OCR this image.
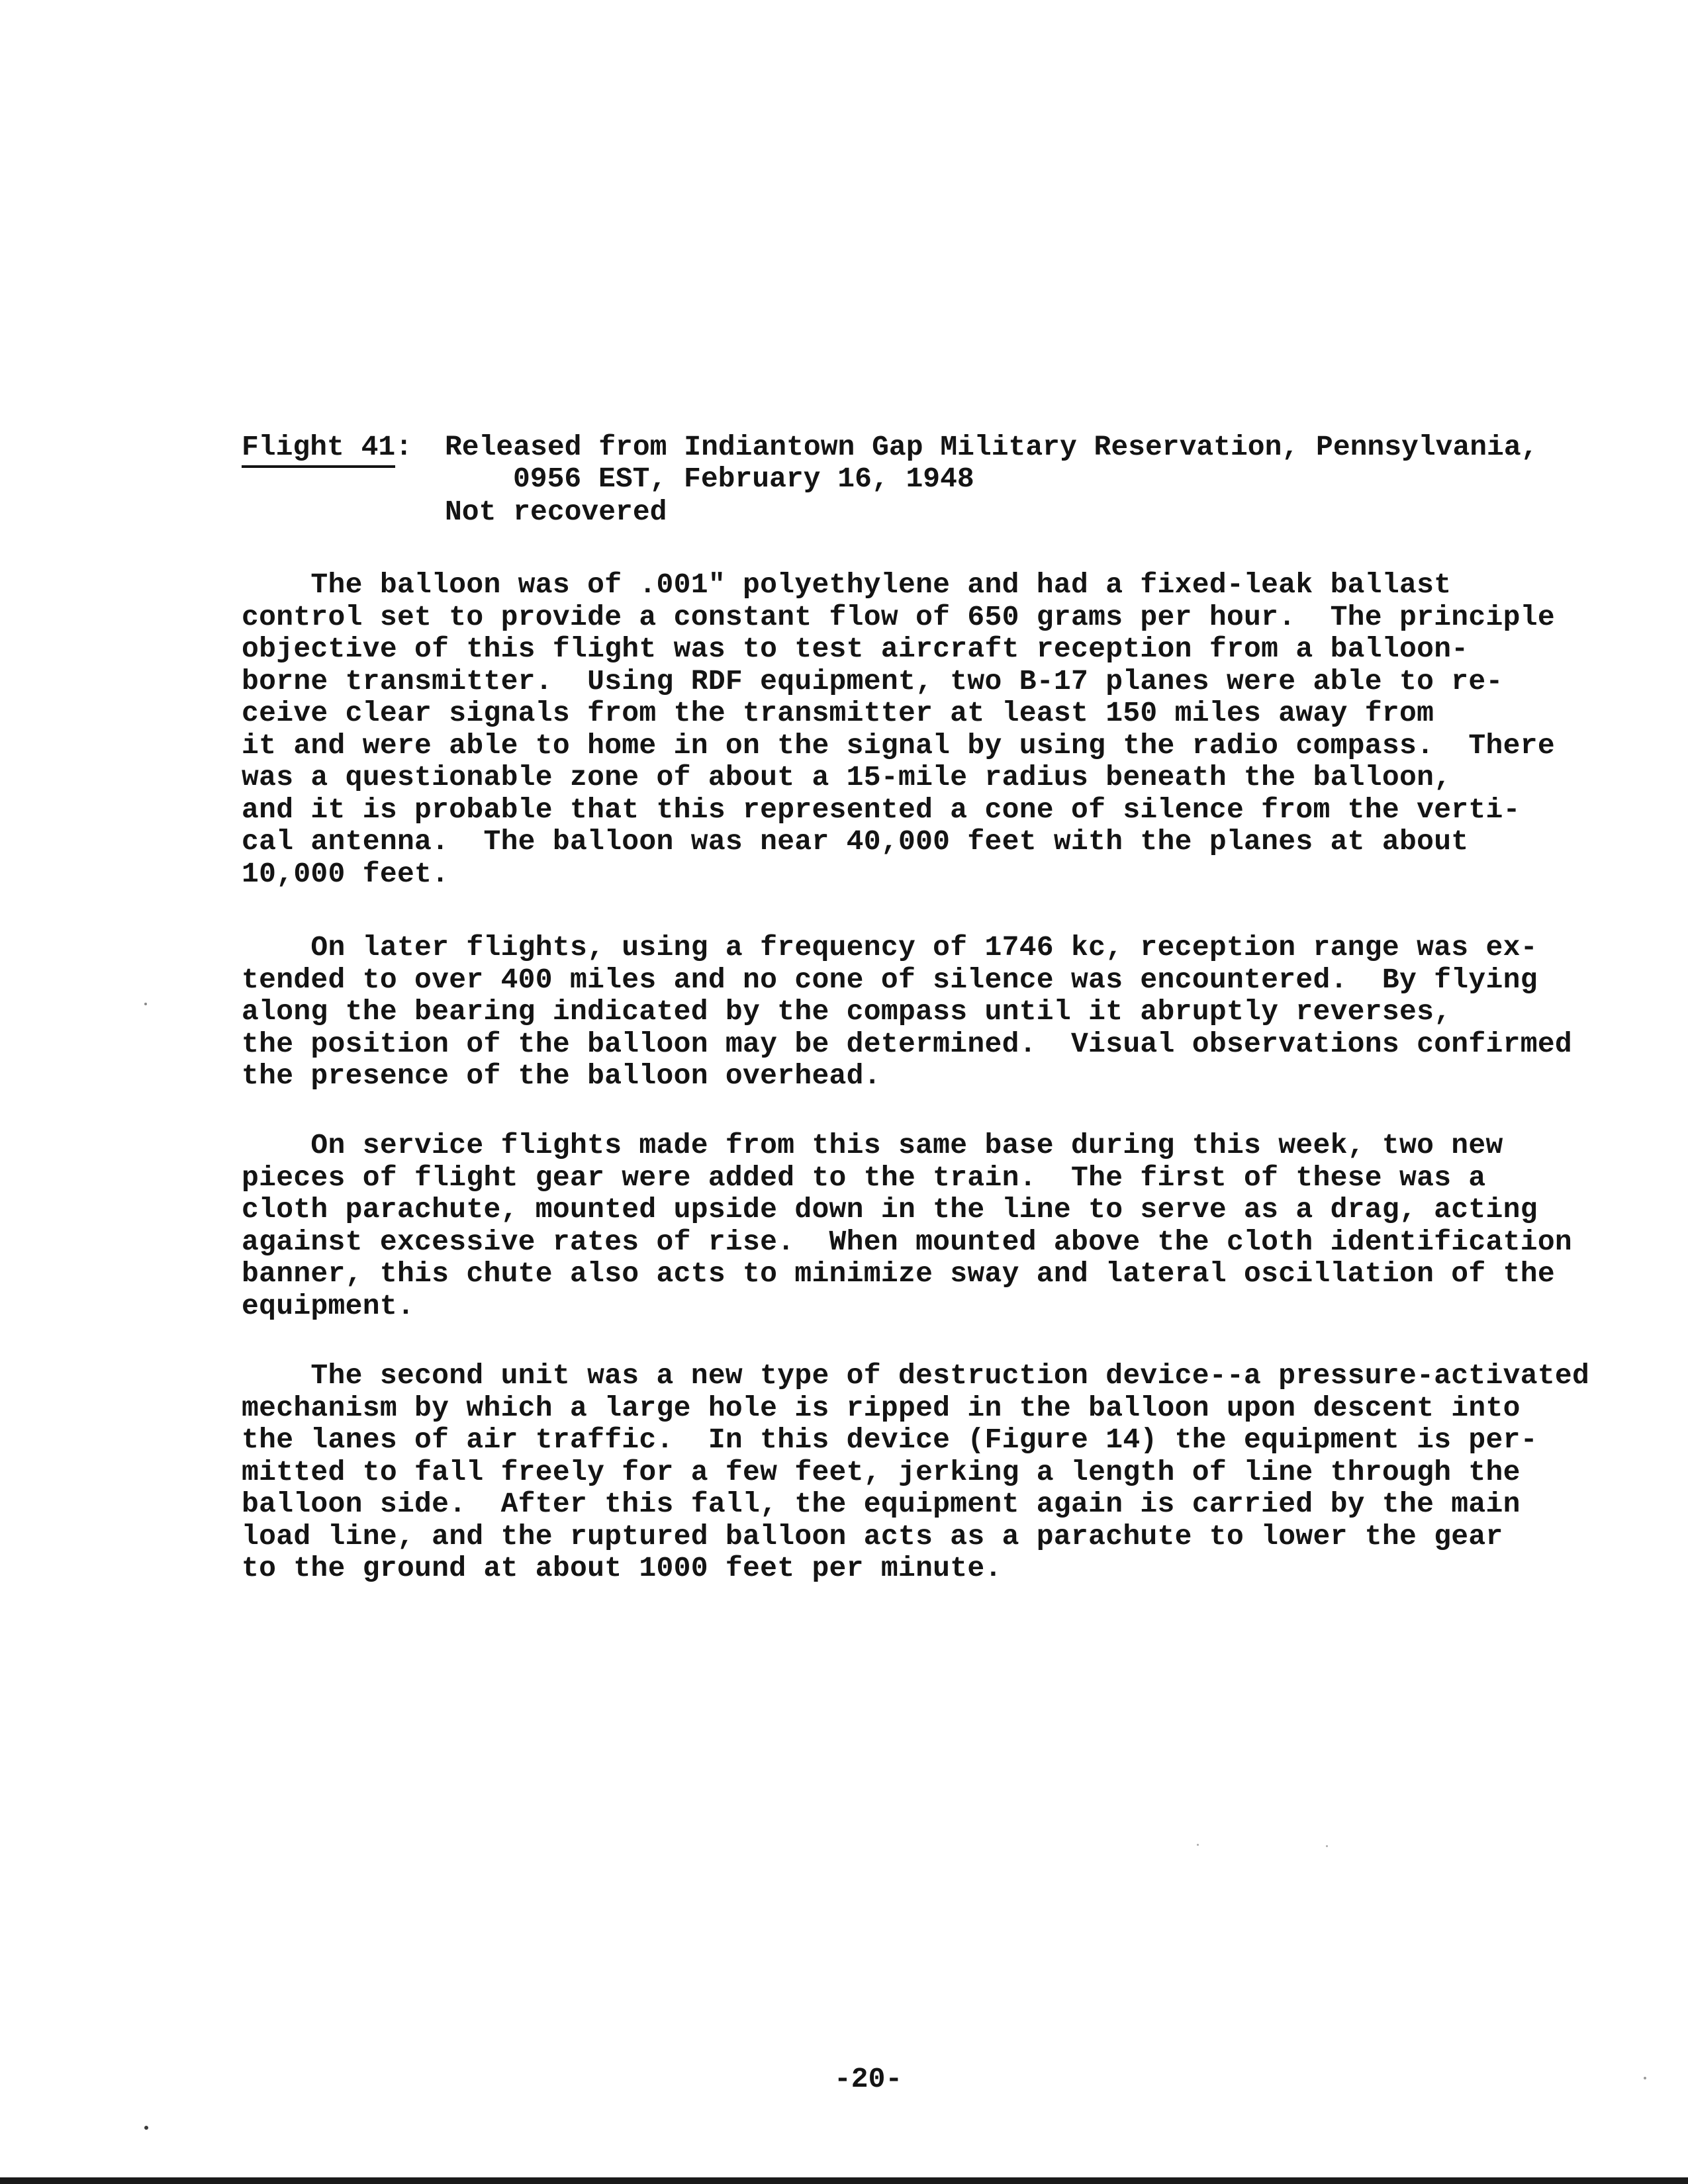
Flight 41: Released from Indiantown Gap Military Reservation, Pennsylvania,
0956 EST, February 16, 1948
Not recovered
The balloon was of .001" polyethylene and had a fixed-leak ballast
control set to provide a constant flow of 650 grams per hour.  The principle
objective of this flight was to test aircraft reception from a balloon-
borne transmitter.  Using RDF equipment, two B-17 planes were able to re-
ceive clear signals from the transmitter at least 150 miles away from
it and were able to home in on the signal by using the radio compass.  There
was a questionable zone of about a 15-mile radius beneath the balloon,
and it is probable that this represented a cone of silence from the verti-
cal antenna.  The balloon was near 40,000 feet with the planes at about
10,000 feet.
On later flights, using a frequency of 1746 kc, reception range was ex-
tended to over 400 miles and no cone of silence was encountered.  By flying
along the bearing indicated by the compass until it abruptly reverses,
the position of the balloon may be determined.  Visual observations confirmed
the presence of the balloon overhead.
On service flights made from this same base during this week, two new
pieces of flight gear were added to the train.  The first of these was a
cloth parachute, mounted upside down in the line to serve as a drag, acting
against excessive rates of rise.  When mounted above the cloth identification
banner, this chute also acts to minimize sway and lateral oscillation of the
equipment.
The second unit was a new type of destruction device--a pressure-activated
mechanism by which a large hole is ripped in the balloon upon descent into
the lanes of air traffic.  In this device (Figure 14) the equipment is per-
mitted to fall freely for a few feet, jerking a length of line through the
balloon side.  After this fall, the equipment again is carried by the main
load line, and the ruptured balloon acts as a parachute to lower the gear
to the ground at about 1000 feet per minute.
-20-
